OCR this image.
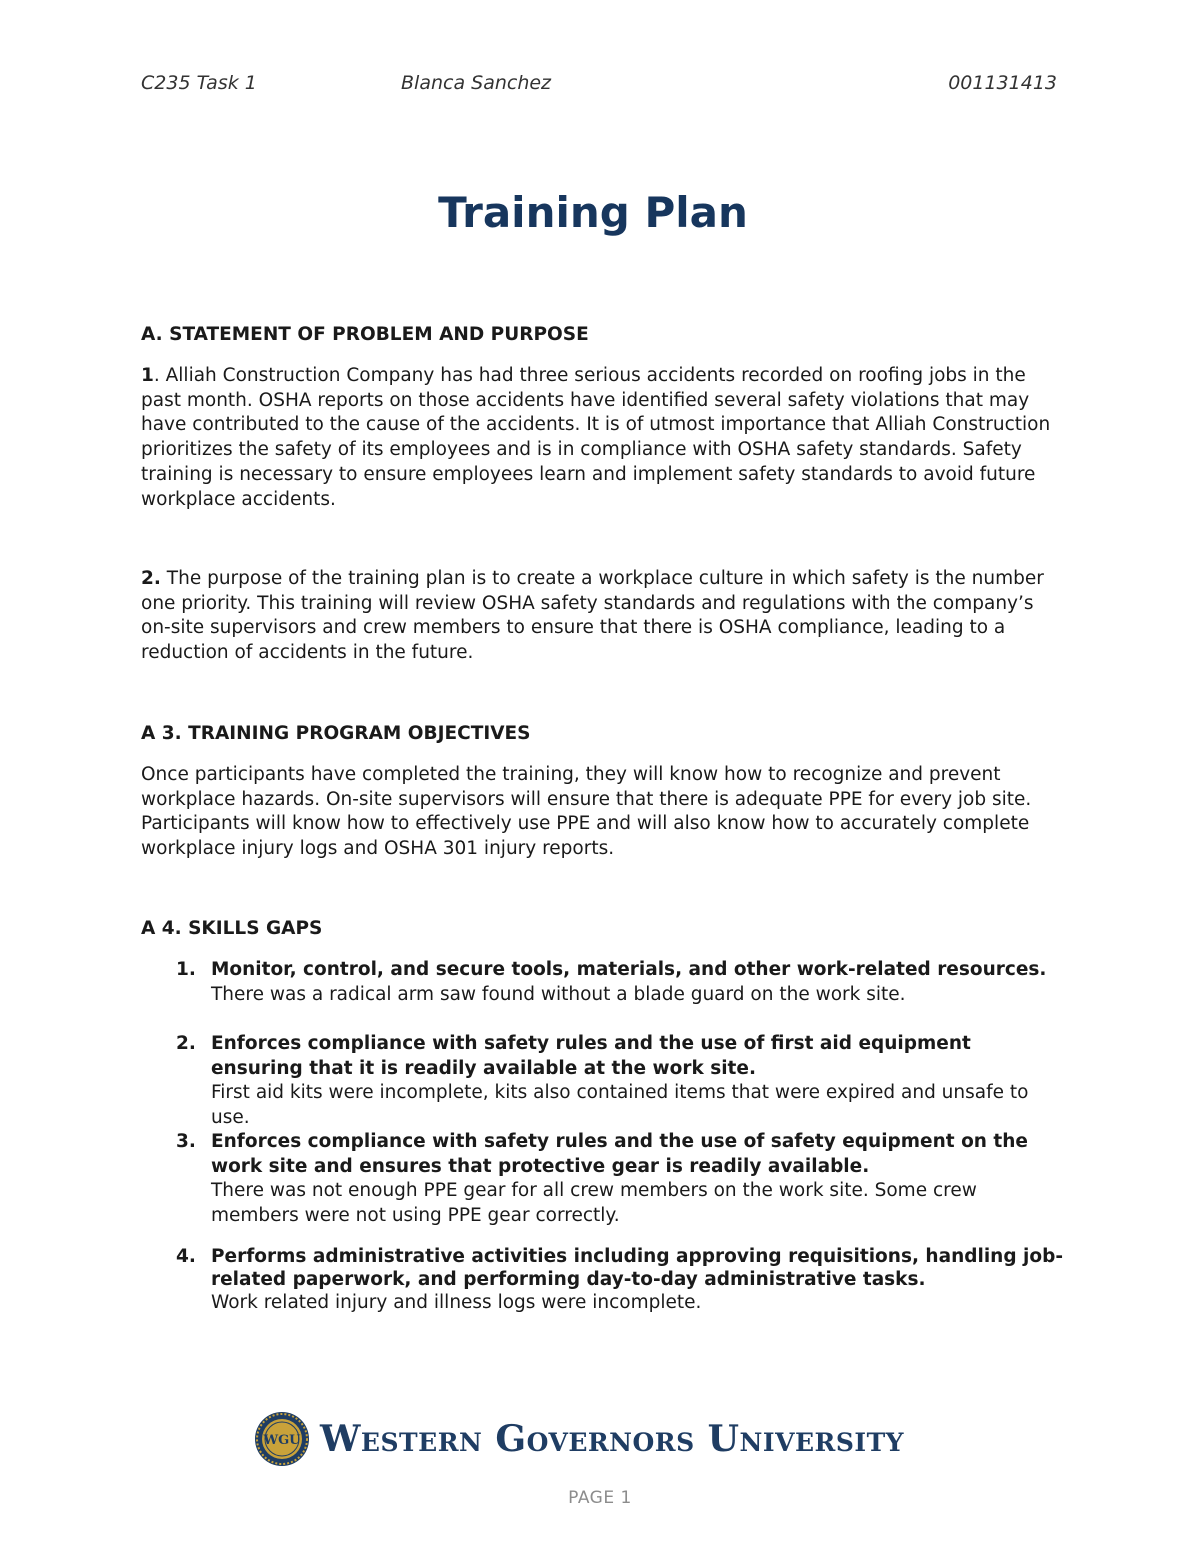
C235 Task 1	Blanca Sanchez	001131413
Training Plan
A. STATEMENT OF PROBLEM AND PURPOSE

1. Alliah Construction Company has had three serious accidents recorded on roofing jobs in the past month. OSHA reports on those accidents have identified several safety violations that may have contributed to the cause of the accidents. It is of utmost importance that Alliah Construction prioritizes the safety of its employees and is in compliance with OSHA safety standards. Safety training is necessary to ensure employees learn and implement safety standards to avoid future workplace accidents.

2. The purpose of the training plan is to create a workplace culture in which safety is the number one priority. This training will review OSHA safety standards and regulations with the company’s on-site supervisors and crew members to ensure that there is OSHA compliance, leading to a reduction of accidents in the future.

A 3. TRAINING PROGRAM OBJECTIVES

Once participants have completed the training, they will know how to recognize and prevent workplace hazards. On-site supervisors will ensure that there is adequate PPE for every job site. Participants will know how to effectively use PPE and will also know how to accurately complete workplace injury logs and OSHA 301 injury reports.

A 4. SKILLS GAPS
1. Monitor, control, and secure tools, materials, and other work-related resources.
There was a radical arm saw found without a blade guard on the work site.
2. Enforces compliance with safety rules and the use of first aid equipment ensuring that it is readily available at the work site.
First aid kits were incomplete, kits also contained items that were expired and unsafe to use.
3. Enforces compliance with safety rules and the use of safety equipment on the work site and ensures that protective gear is readily available.
There was not enough PPE gear for all crew members on the work site. Some crew members were not using PPE gear correctly.
4. Performs administrative activities including approving requisitions, handling job-related paperwork, and performing day-to-day administrative tasks.
Work related injury and illness logs were incomplete.
WGU Western Governors University
PAGE 1
